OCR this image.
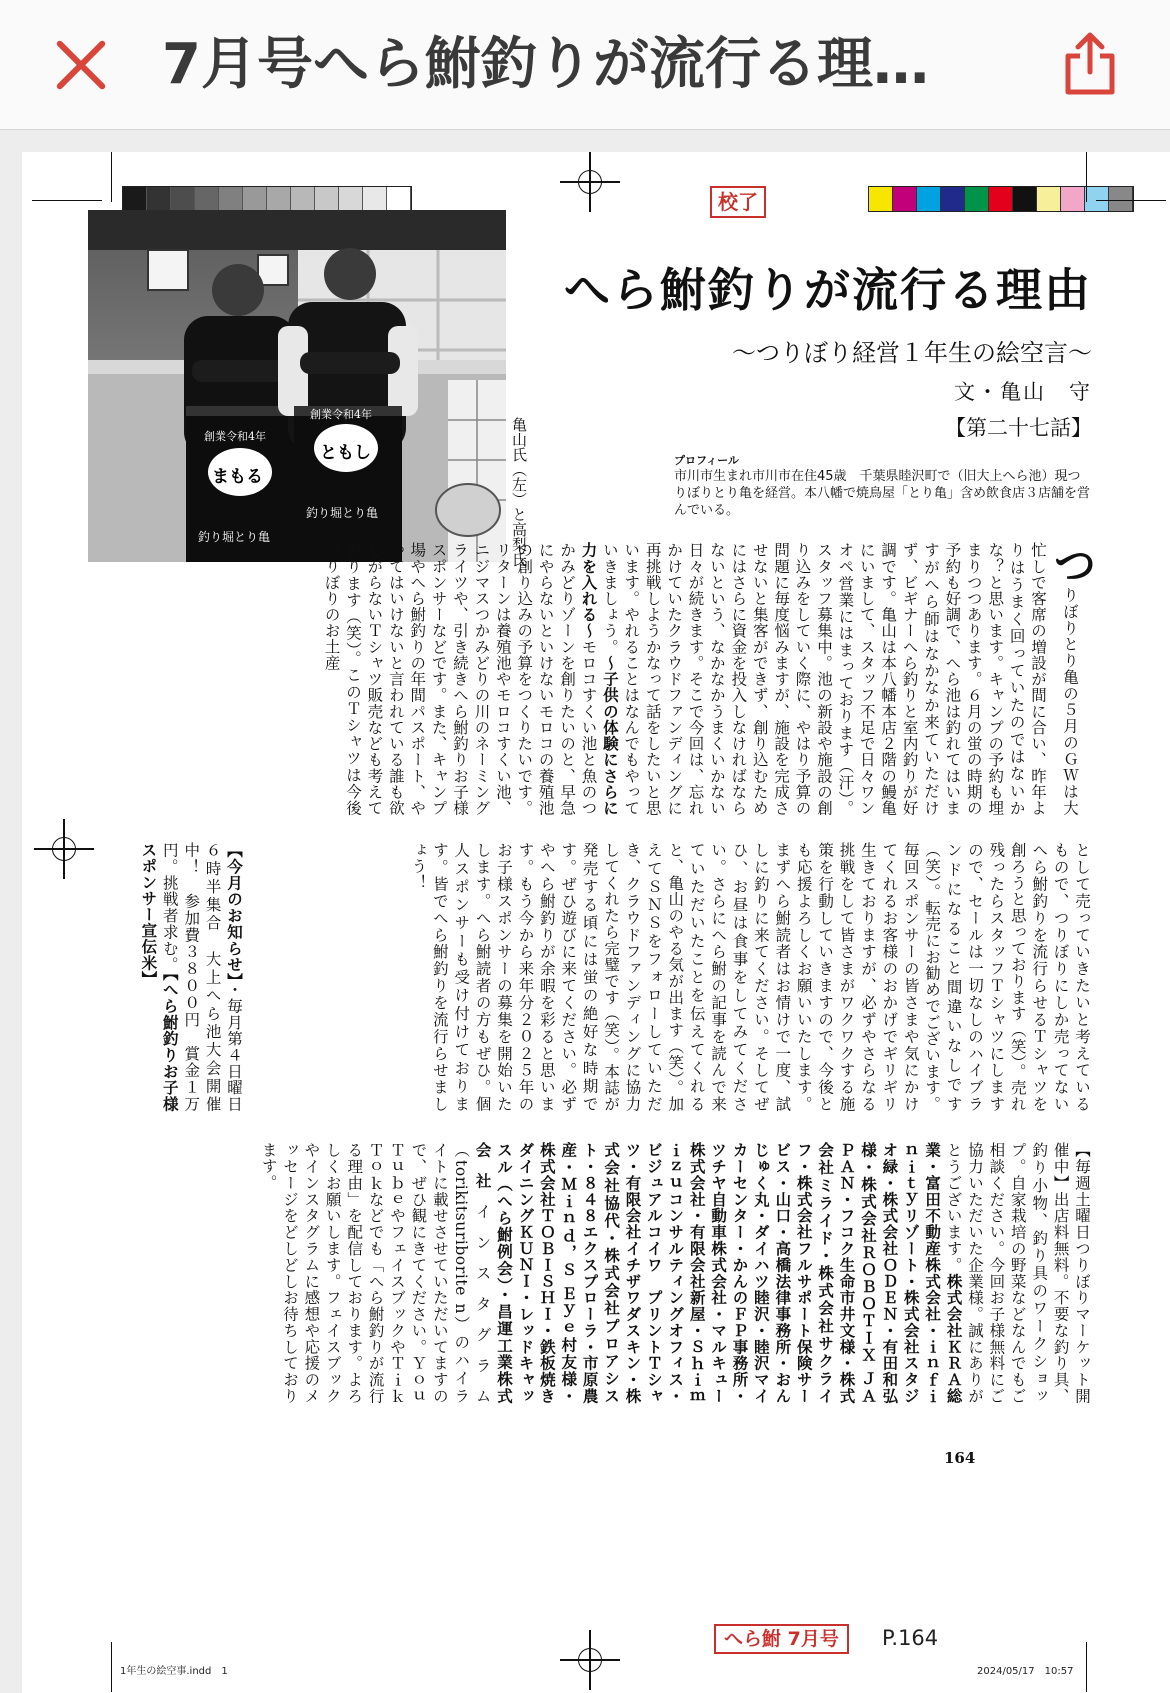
7月号へら鮒釣りが流行る理…
校了
創業令和4年
まもる
釣り堀とり亀
創業令和4年
ともし
釣り堀とり亀	亀山氏（左）と高梨氏
へら鮒釣りが流行る理由
〜つりぼり経営１年生の絵空言〜
文・亀山　守
【第二十七話】
プロフィール
市川市生まれ市川市在住45歳　千葉県睦沢町で（旧大上へら池）現つりぼりとり亀を経営。本八幡で焼鳥屋「とり亀」含め飲食店３店舗を営んでいる。
つりぼりとり亀の５月のＧＷは大忙しで客席の増設が間に合い、昨年よりはうまく回っていたのではないかな？と思います。キャンプの予約も埋まりつつあります。６月の蛍の時期の予約も好調で、へら池は釣れてはいますがへら師はなかなか来ていただけず、ビギナーへら釣りと室内釣りが好調です。亀山は本八幡本店２階の鰻亀にいまして、スタッフ不足で日々ワンオペ営業にはまっております（汗）。スタッフ募集中。池の新設や施設の創り込みをしていく際に、やはり予算の問題に毎度悩みますが、施設を完成させないと集客ができず、創り込むためにはさらに資金を投入しなければならないという、なかなかうまくいかない日々が続きます。そこで今回は、忘れかけていたクラウドファンディングに再挑戦しようかなって話をしたいと思います。やれることはなんでもやっていきましょう。〜子供の体験にさらに力を入れる〜モロコすくい池と魚のつかみどりゾーンを創りたいのと、早急にやらないといけないモロコの養殖池の創り込みの予算をつくりたいです。リターンは養殖池やモロコすくい池、ニジマスつかみどりの川のネーミングライツや、引き続きへら鮒釣りお子様スポンサーなどです。また、キャンプ場やへら鮒釣りの年間パスポート、やってはいけないと言われている誰も欲しがらないＴシャツ販売なども考えております（笑）。このＴシャツは今後つりぼりのお土産
として売っていきたいと考えているもので、つりぼりにしか売ってないへら鮒釣りを流行らせるＴシャツを創ろうと思っております（笑）。売れ残ったらスタッフＴシャツにしますので、セールは一切なしのハイブランドになること間違いなしです（笑）。転売にお勧めでございます。毎回スポンサーの皆さまや気にかけてくれるお客様のおかげでギリギリ生きておりますが、必ずやさらなる挑戦をして皆さまがワクワクする施策を行動していきますので、今後とも応援よろしくお願いいたします。まずへら鮒読者はお情けで一度、試しに釣りに来てください。そしてぜひ、お昼は食事をしてみてください。さらにへら鮒の記事を読んで来ていただいたことを伝えてくれると、亀山のやる気が出ます（笑）。加えてＳＮＳをフォローしていただき、クラウドファンディングに協力してくれたら完璧です（笑）。本誌が発売する頃には蛍の絶好な時期です。ぜひ遊びに来てください。必ずやへら鮒釣りが余暇を彩ると思います。もう今から来年分２０２５年のお子様スポンサーの募集を開始いたします。へら鮒読者の方もぜひ。個人スポンサーも受け付けております。皆でへら鮒釣りを流行らせましょう！
【今月のお知らせ】・毎月第４日曜日　６時半集合　大上へら池大会開催中！　参加費３８００円　賞金１万円。挑戦者求む。【へら鮒釣りお子様スポンサー宣伝米】
【毎週土曜日つりぼりマーケット開催中】出店料無料。不要な釣り具、釣り小物、釣り具のワークショップ。自家栽培の野菜などなんでもご相談ください。今回お子様無料にご協力いただいた企業様。誠にありがとうございます。株式会社ＫＲＡ総業・富田不動産株式会社・ｉｎｆｉｎｉｔｙリゾート・株式会社スタジオ緑・株式会社ＯＤＥＮ・有田和弘様・株式会社ＲＯＢＯＴＩＸ ＪＡＰＡＮ・フコク生命市井文様・株式会社ミライド・株式会社サクライフ・株式会社フルサポート保険サービス・山口・高橋法律事務所・おんじゅく丸・ダイハツ睦沢・睦沢マイカーセンター・かんのＦＰ事務所・ツチヤ自動車株式会社・マルキュー株式会社・有限会社新屋・Ｓｈｉｍｉｚｕコンサルティングオフィス・ビジュアルコイワ　プリントＴシャツ・有限会社イチザワダスキン・株式会社協代・株式会社プロアシスト・８４８エクスプローラ・市原農産・Ｍｉｎｄ，Ｓ Ｅｙｅ村友様・株式会社ＴＯＢＩＳＨＩ・鉄板焼きダイニングＫＵＮＩ・レッドキャッスル（へら鮒例会）・昌運工業株式会社インスタグラム（torikitsuriborite n）のハイライトに載せさせていただいてますので、ぜひ観にきてください。ＹｏｕＴｕｂｅやフェイスブックやＴｉｋＴｏｋなどでも「へら鮒釣りが流行る理由」を配信しております。よろしくお願いします。フェイスブックやインスタグラムに感想や応援のメッセージをどしどしお待ちしております。
164
へら鮒 7月号	P.164
1年生の絵空事.indd　1	2024/05/17　10:57
